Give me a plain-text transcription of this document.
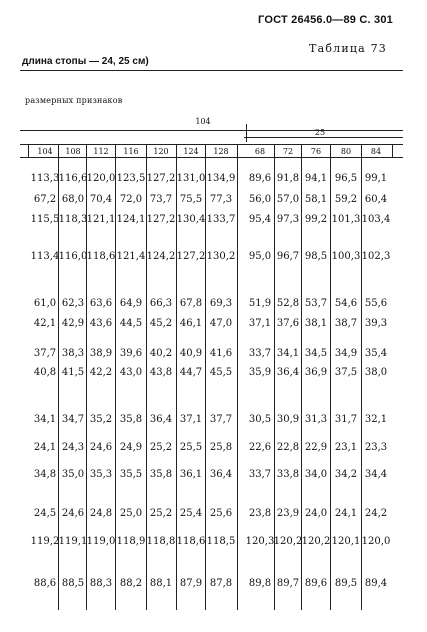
ГОСТ 26456.0—89 С. 301
Таблица 73
длина стопы — 24, 25 см)
размерных признаков
104
25
104 108 112 116 120 124 128	68 72 76 80 84
113,3 116,6 120,0 123,5 127,2 131,0 134,9 89,6 91,8 94,1 96,5 99,1
67,2 68,0 70,4 72,0 73,7 75,5 77,3 56,0 57,0 58,1 59,2 60,4
115,5 118,3 121,1 124,1 127,2 130,4 133,7 95,4 97,3 99,2 101,3 103,4
113,4 116,0 118,6 121,4 124,2 127,2 130,2 95,0 96,7 98,5 100,3 102,3
61,0 62,3 63,6 64,9 66,3 67,8 69,3 51,9 52,8 53,7 54,6 55,6
42,1 42,9 43,6 44,5 45,2 46,1 47,0 37,1 37,6 38,1 38,7 39,3
37,7 38,3 38,9 39,6 40,2 40,9 41,6 33,7 34,1 34,5 34,9 35,4
40,8 41,5 42,2 43,0 43,8 44,7 45,5 35,9 36,4 36,9 37,5 38,0
34,1 34,7 35,2 35,8 36,4 37,1 37,7 30,5 30,9 31,3 31,7 32,1
24,1 24,3 24,6 24,9 25,2 25,5 25,8 22,6 22,8 22,9 23,1 23,3
34,8 35,0 35,3 35,5 35,8 36,1 36,4 33,7 33,8 34,0 34,2 34,4
24,5 24,6 24,8 25,0 25,2 25,4 25,6 23,8 23,9 24,0 24,1 24,2
119,2 119,1 119,0 118,9 118,8 118,6 118,5 120,3 120,2 120,2 120,1 120,0
88,6 88,5 88,3 88,2 88,1 87,9 87,8 89,8 89,7 89,6 89,5 89,4
